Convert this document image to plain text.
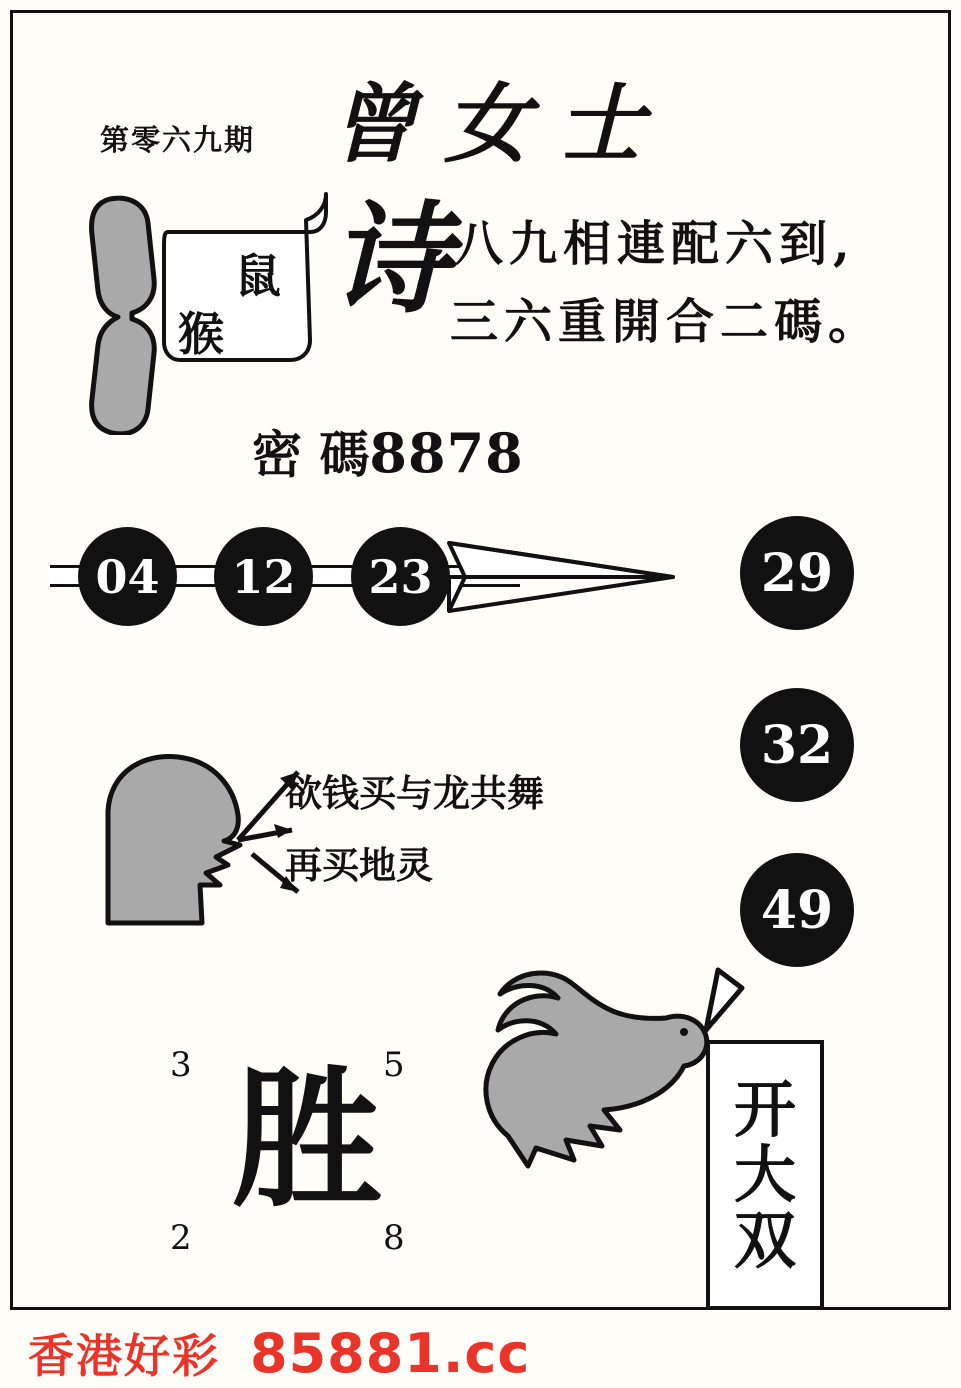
第零六九期 曾女士
鼠
猴
诗 八九相連配六到,
三六重開合二碼。
密 碼8878
04	12	23	29
32
49
欲钱买与龙共舞
再买地灵
3	5
2	8
胜	开
大
双
香港好彩 85881.cc
